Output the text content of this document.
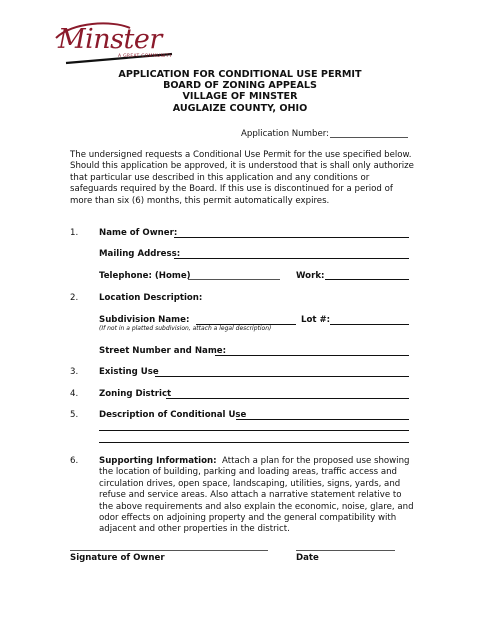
Minster
A GREAT COMMUNITY
APPLICATION FOR CONDITIONAL USE PERMIT
BOARD OF ZONING APPEALS
VILLAGE OF MINSTER
AUGLAIZE COUNTY, OHIO
Application Number:
The undersigned requests a Conditional Use Permit for the use specified below.
Should this application be approved, it is understood that is shall only authorize
that particular use described in this application and any conditions or
safeguards required by the Board. If this use is discontinued for a period of
more than six (6) months, this permit automatically expires.
1. Name of Owner:
Mailing Address:
Telephone: (Home)	Work:
2. Location Description:
Subdivision Name:	Lot #:
(If not in a platted subdivision, attach a legal description)
Street Number and Name:
3. Existing Use
4. Zoning District
5. Description of Conditional Use
6. Supporting Information: Attach a plan for the proposed use showing
the location of building, parking and loading areas, traffic access and
circulation drives, open space, landscaping, utilities, signs, yards, and
refuse and service areas. Also attach a narrative statement relative to
the above requirements and also explain the economic, noise, glare, and
odor effects on adjoining property and the general compatibility with
adjacent and other properties in the district.
Signature of Owner	Date
